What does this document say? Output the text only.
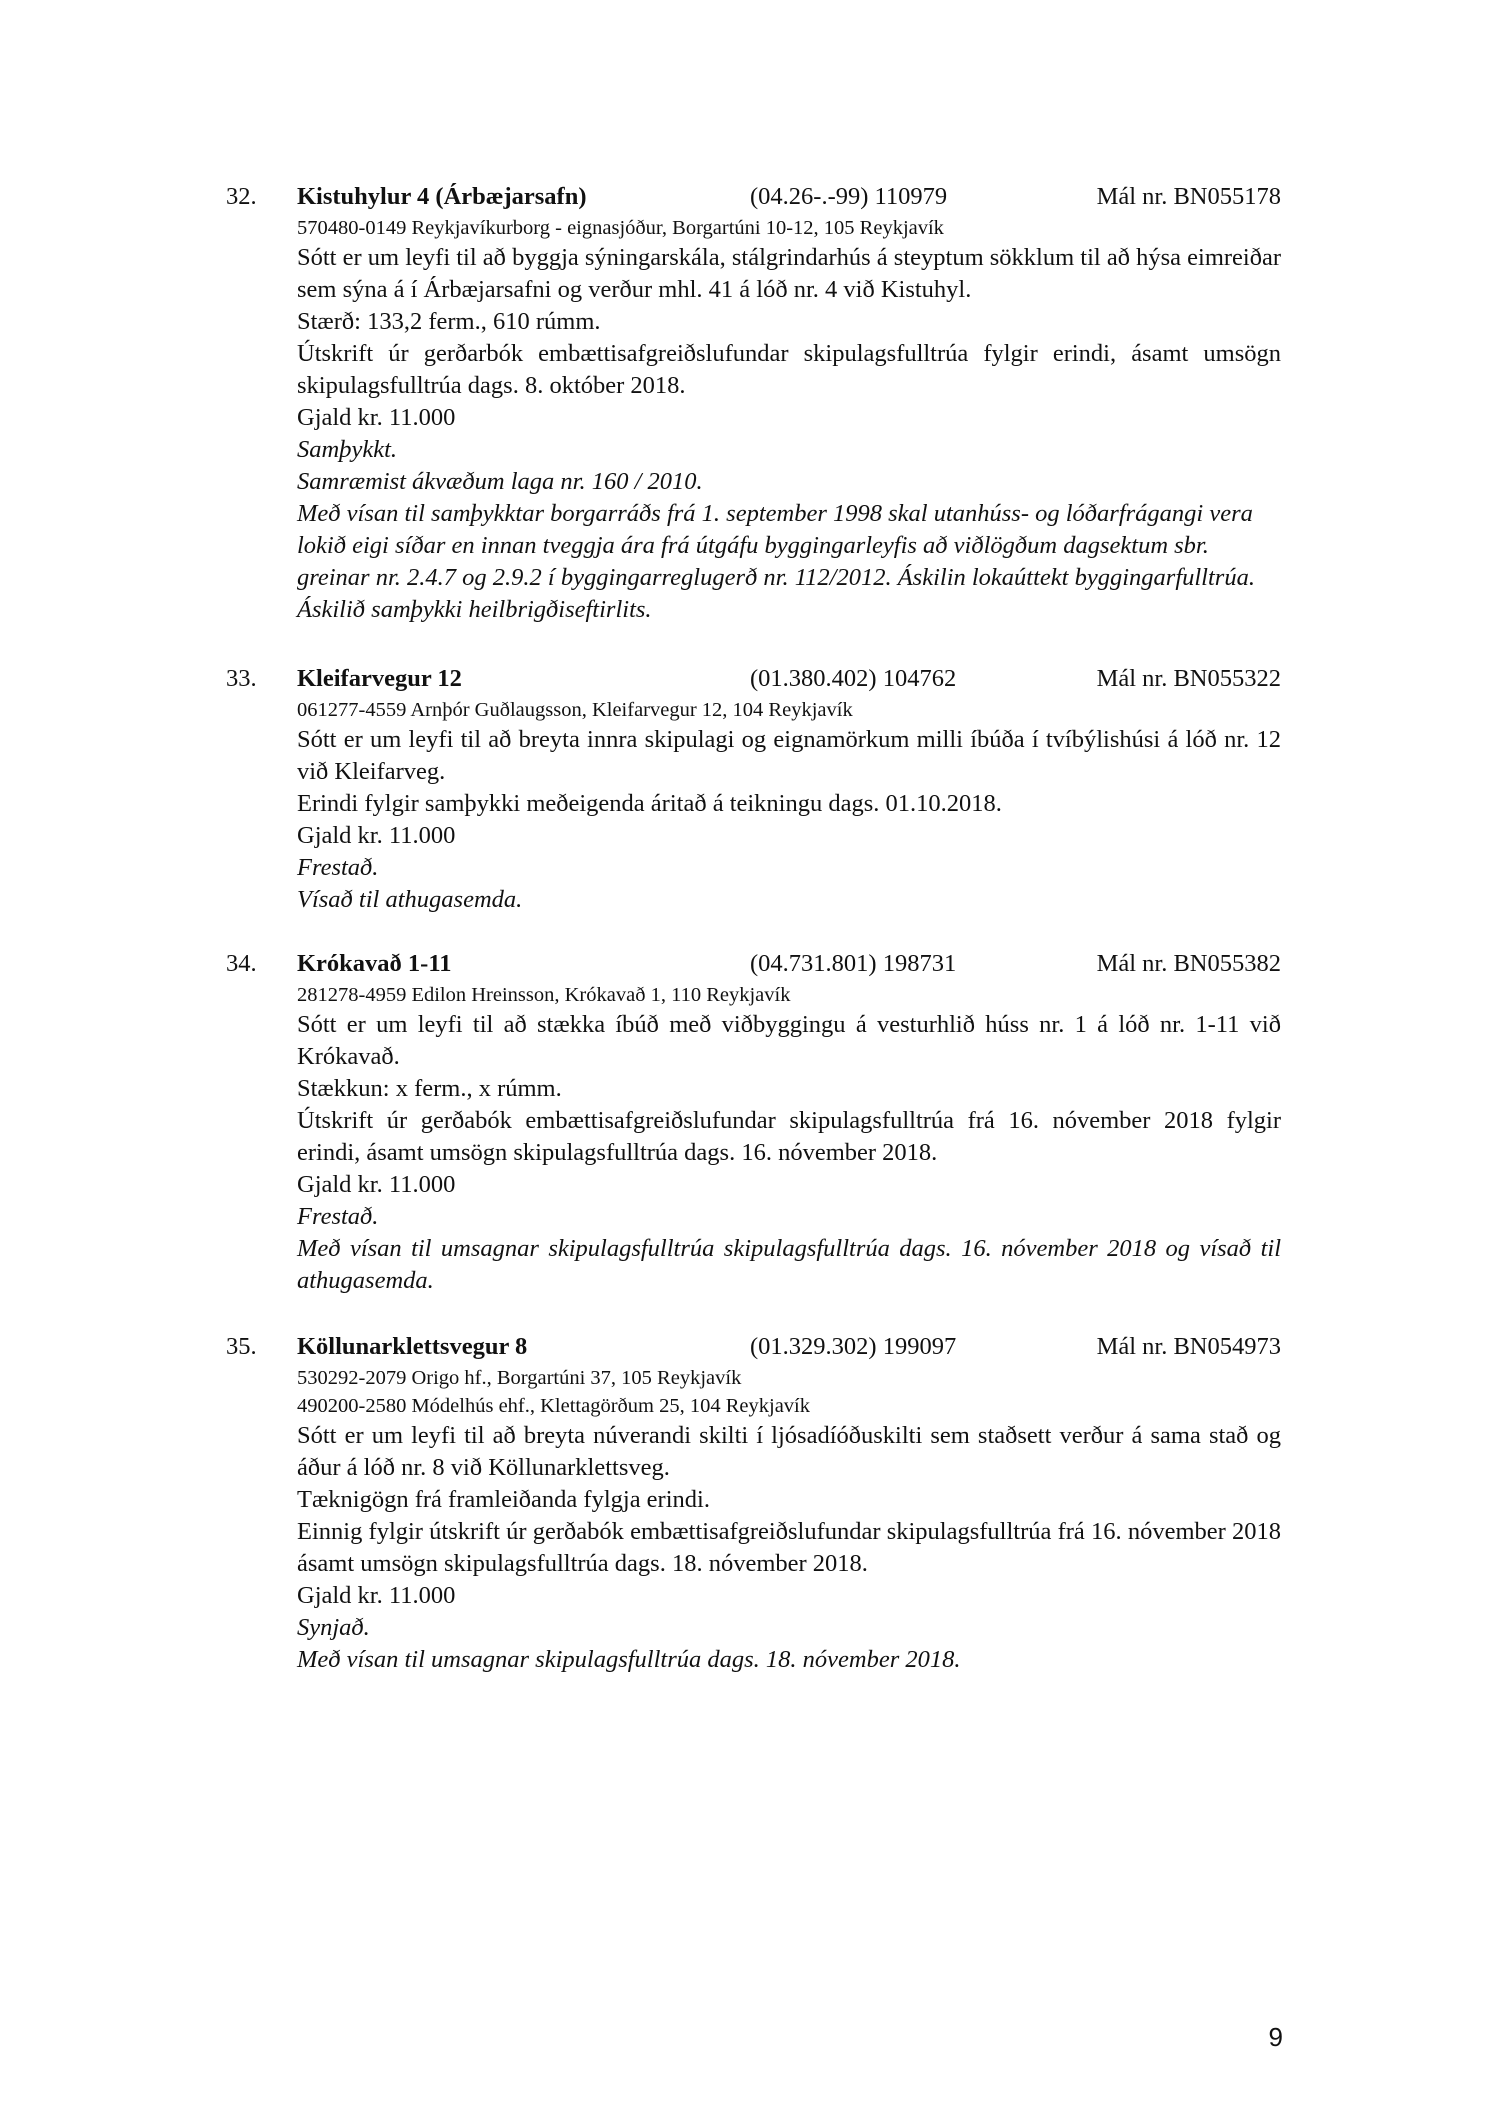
32. Kistuhylur 4 (Árbæjarsafn)	(04.26-.-99) 110979	Mál nr. BN055178
570480-0149 Reykjavíkurborg - eignasjóður, Borgartúni 10-12, 105 Reykjavík
Sótt er um leyfi til að byggja sýningarskála, stálgrindarhús á steyptum sökklum til að hýsa eimreiðar sem sýna á í Árbæjarsafni og verður mhl. 41 á lóð nr. 4 við Kistuhyl.
Stærð: 133,2 ferm., 610 rúmm.
Útskrift úr gerðarbók embættisafgreiðslufundar skipulagsfulltrúa fylgir erindi, ásamt umsögn skipulagsfulltrúa dags. 8. október 2018.
Gjald kr. 11.000
Samþykkt.
Samræmist ákvæðum laga nr. 160 / 2010.
Með vísan til samþykktar borgarráðs frá 1. september 1998 skal utanhúss- og lóðarfrágangi vera lokið eigi síðar en innan tveggja ára frá útgáfu byggingarleyfis að viðlögðum dagsektum sbr. greinar nr. 2.4.7 og 2.9.2 í byggingarreglugerð nr. 112/2012. Áskilin lokaúttekt byggingarfulltrúa. Áskilið samþykki heilbrigðiseftirlits.
33. Kleifarvegur 12	(01.380.402) 104762	Mál nr. BN055322
061277-4559 Arnþór Guðlaugsson, Kleifarvegur 12, 104 Reykjavík
Sótt er um leyfi til að breyta innra skipulagi og eignamörkum milli íbúða í tvíbýlishúsi á lóð nr. 12 við Kleifarveg.
Erindi fylgir samþykki meðeigenda áritað á teikningu dags. 01.10.2018.
Gjald kr. 11.000
Frestað.
Vísað til athugasemda.
34. Krókavað 1-11	(04.731.801) 198731	Mál nr. BN055382
281278-4959 Edilon Hreinsson, Krókavað 1, 110 Reykjavík
Sótt er um leyfi til að stækka íbúð með viðbyggingu á vesturhlið húss nr. 1 á lóð nr. 1-11 við Krókavað.
Stækkun: x ferm., x rúmm.
Útskrift úr gerðabók embættisafgreiðslufundar skipulagsfulltrúa frá 16. nóvember 2018 fylgir erindi, ásamt umsögn skipulagsfulltrúa dags. 16. nóvember 2018.
Gjald kr. 11.000
Frestað.
Með vísan til umsagnar skipulagsfulltrúa skipulagsfulltrúa dags. 16. nóvember 2018 og vísað til athugasemda.
35. Köllunarklettsvegur 8	(01.329.302) 199097	Mál nr. BN054973
530292-2079 Origo hf., Borgartúni 37, 105 Reykjavík
490200-2580 Módelhús ehf., Klettagörðum 25, 104 Reykjavík
Sótt er um leyfi til að breyta núverandi skilti í ljósadíóðuskilti sem staðsett verður á sama stað og áður á lóð nr. 8 við Köllunarklettsveg.
Tæknigögn frá framleiðanda fylgja erindi.
Einnig fylgir útskrift úr gerðabók embættisafgreiðslufundar skipulagsfulltrúa frá 16. nóvember 2018 ásamt umsögn skipulagsfulltrúa dags. 18. nóvember 2018.
Gjald kr. 11.000
Synjað.
Með vísan til umsagnar skipulagsfulltrúa dags. 18. nóvember 2018.
9
